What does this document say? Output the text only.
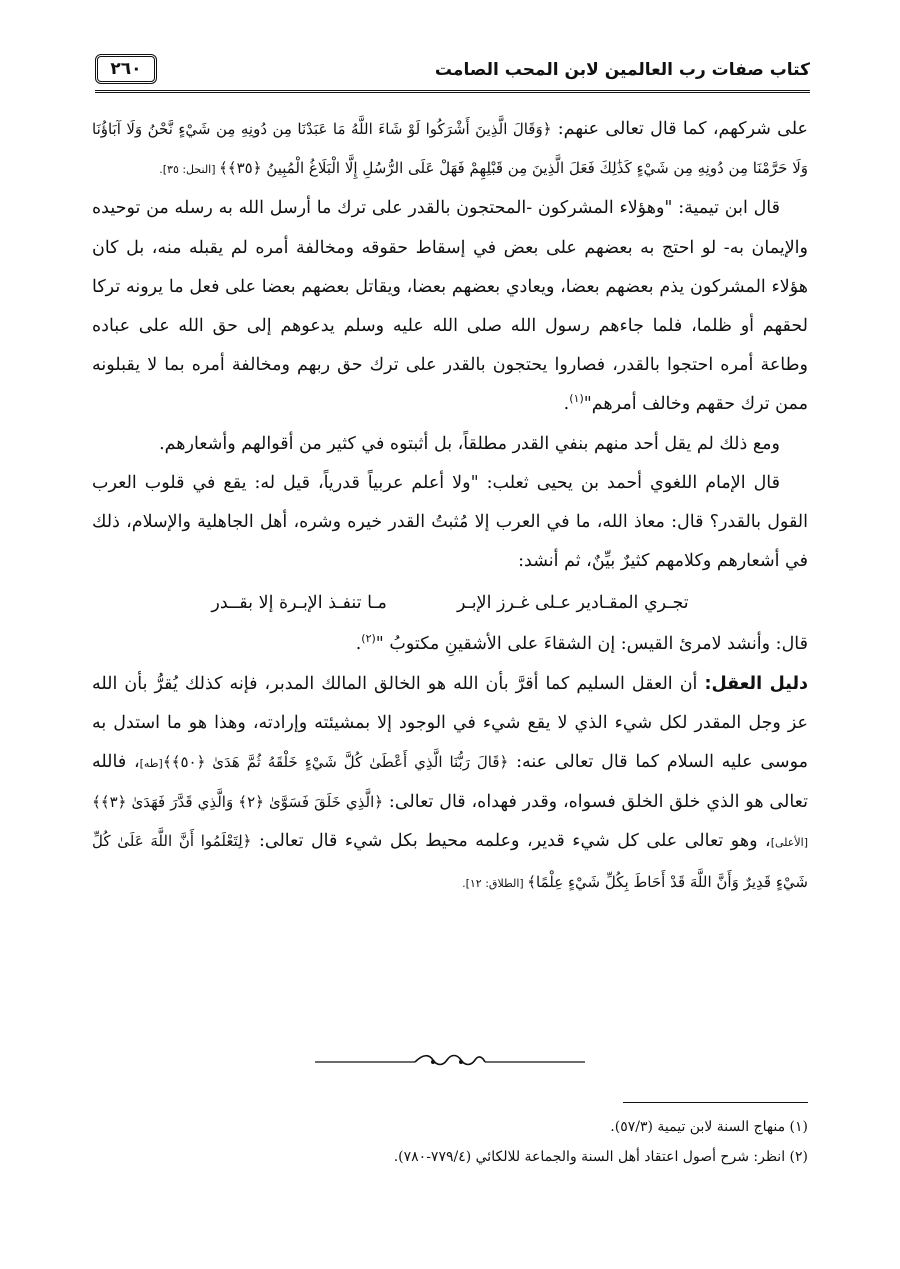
كتاب صفات رب العالمين لابن المحب الصامت
٢٦٠

على شركهم، كما قال تعالى عنهم: ﴿وَقَالَ الَّذِينَ أَشْرَكُوا لَوْ شَاءَ اللَّهُ مَا عَبَدْنَا مِن دُونِهِ مِن شَيْءٍ نَّحْنُ وَلَا آبَاؤُنَا وَلَا حَرَّمْنَا مِن دُونِهِ مِن شَيْءٍ كَذَٰلِكَ فَعَلَ الَّذِينَ مِن قَبْلِهِمْ فَهَلْ عَلَى الرُّسُلِ إِلَّا الْبَلَاغُ الْمُبِينُ ﴿٣٥﴾﴾ [النحل: ٣٥].

قال ابن تيمية: "وهؤلاء المشركون -المحتجون بالقدر على ترك ما أرسل الله به رسله من توحيده والإيمان به- لو احتج به بعضهم على بعض في إسقاط حقوقه ومخالفة أمره لم يقبله منه، بل كان هؤلاء المشركون يذم بعضهم بعضا، ويعادي بعضهم بعضا، ويقاتل بعضهم بعضا على فعل ما يرونه تركا لحقهم أو ظلما، فلما جاءهم رسول الله صلى الله عليه وسلم يدعوهم إلى حق الله على عباده وطاعة أمره احتجوا بالقدر، فصاروا يحتجون بالقدر على ترك حق ربهم ومخالفة أمره بما لا يقبلونه ممن ترك حقهم وخالف أمرهم"$^{(١)}$.

ومع ذلك لم يقل أحد منهم بنفي القدر مطلقاً، بل أثبتوه في كثير من أقوالهم وأشعارهم.

قال الإمام اللغوي أحمد بن يحيى ثعلب: "ولا أعلم عربياً قدرياً، قيل له: يقع في قلوب العرب القول بالقدر؟ قال: معاذ الله، ما في العرب إلا مُثبتُ القدر خيره وشره، أهل الجاهلية والإسلام، ذلك في أشعارهم وكلامهم كثيرٌ بيِّنٌ، ثم أنشد:

تجـري المقـادير عـلى غـرز الإبـر
مـا تنفـذ الإبـرة إلا بقــدر

قال: وأنشد لامرئ القيس: إن الشقاءَ على الأشقينِ مكتوبُ "$^{(٢)}$.

دليل العقل: أن العقل السليم كما أقرَّ بأن الله هو الخالق المالك المدبر، فإنه كذلك يُقرُّ بأن الله عز وجل المقدر لكل شيء الذي لا يقع شيء في الوجود إلا بمشيئته وإرادته، وهذا هو ما استدل به موسى عليه السلام كما قال تعالى عنه: ﴿قَالَ رَبُّنَا الَّذِي أَعْطَىٰ كُلَّ شَيْءٍ خَلْقَهُ ثُمَّ هَدَىٰ ﴿٥٠﴾﴾[طه]، فالله تعالى هو الذي خلق الخلق فسواه، وقدر فهداه، قال تعالى: ﴿الَّذِي خَلَقَ فَسَوَّىٰ ﴿٢﴾ وَالَّذِي قَدَّرَ فَهَدَىٰ ﴿٣﴾﴾[الأعلى]، وهو تعالى على كل شيء قدير، وعلمه محيط بكل شيء قال تعالى: ﴿لِتَعْلَمُوا أَنَّ اللَّهَ عَلَىٰ كُلِّ شَيْءٍ قَدِيرٌ وَأَنَّ اللَّهَ قَدْ أَحَاطَ بِكُلِّ شَيْءٍ عِلْمًا﴾ [الطلاق: ١٢].

(١) منهاج السنة لابن تيمية (٥٧/٣).

(٢) انظر: شرح أصول اعتقاد أهل السنة والجماعة للالكائي (٧٧٩/٤-٧٨٠).
